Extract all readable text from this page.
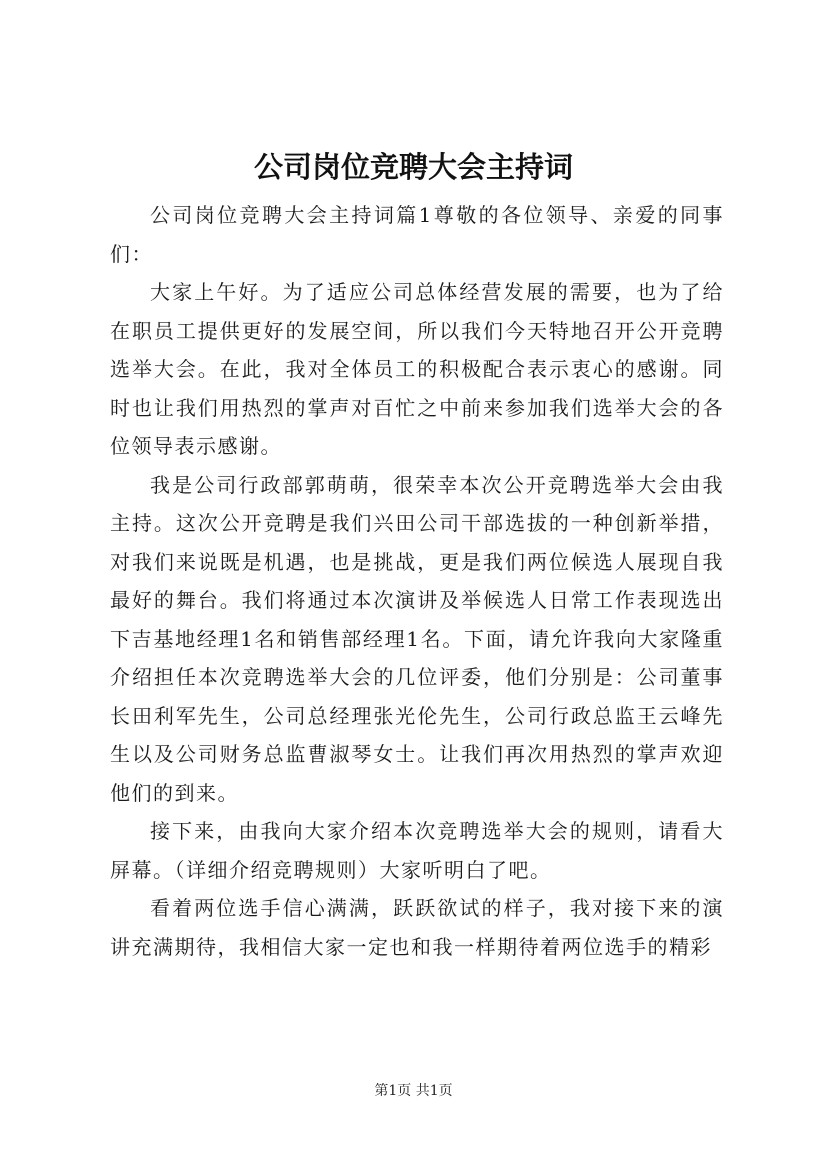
公司岗位竞聘大会主持词

公司岗位竞聘大会主持词篇1尊敬的各位领导、亲爱的同事们：

大家上午好。为了适应公司总体经营发展的需要，也为了给在职员工提供更好的发展空间，所以我们今天特地召开公开竞聘选举大会。在此，我对全体员工的积极配合表示衷心的感谢。同时也让我们用热烈的掌声对百忙之中前来参加我们选举大会的各位领导表示感谢。

我是公司行政部郭萌萌，很荣幸本次公开竞聘选举大会由我主持。这次公开竞聘是我们兴田公司干部选拔的一种创新举措，对我们来说既是机遇，也是挑战，更是我们两位候选人展现自我最好的舞台。我们将通过本次演讲及举候选人日常工作表现选出下吉基地经理1名和销售部经理1名。下面，请允许我向大家隆重介绍担任本次竞聘选举大会的几位评委，他们分别是：公司董事长田利军先生，公司总经理张光伦先生，公司行政总监王云峰先生以及公司财务总监曹淑琴女士。让我们再次用热烈的掌声欢迎他们的到来。

接下来，由我向大家介绍本次竞聘选举大会的规则，请看大屏幕。（详细介绍竞聘规则）大家听明白了吧。

看着两位选手信心满满，跃跃欲试的样子，我对接下来的演讲充满期待，我相信大家一定也和我一样期待着两位选手的精彩

第1页 共1页
